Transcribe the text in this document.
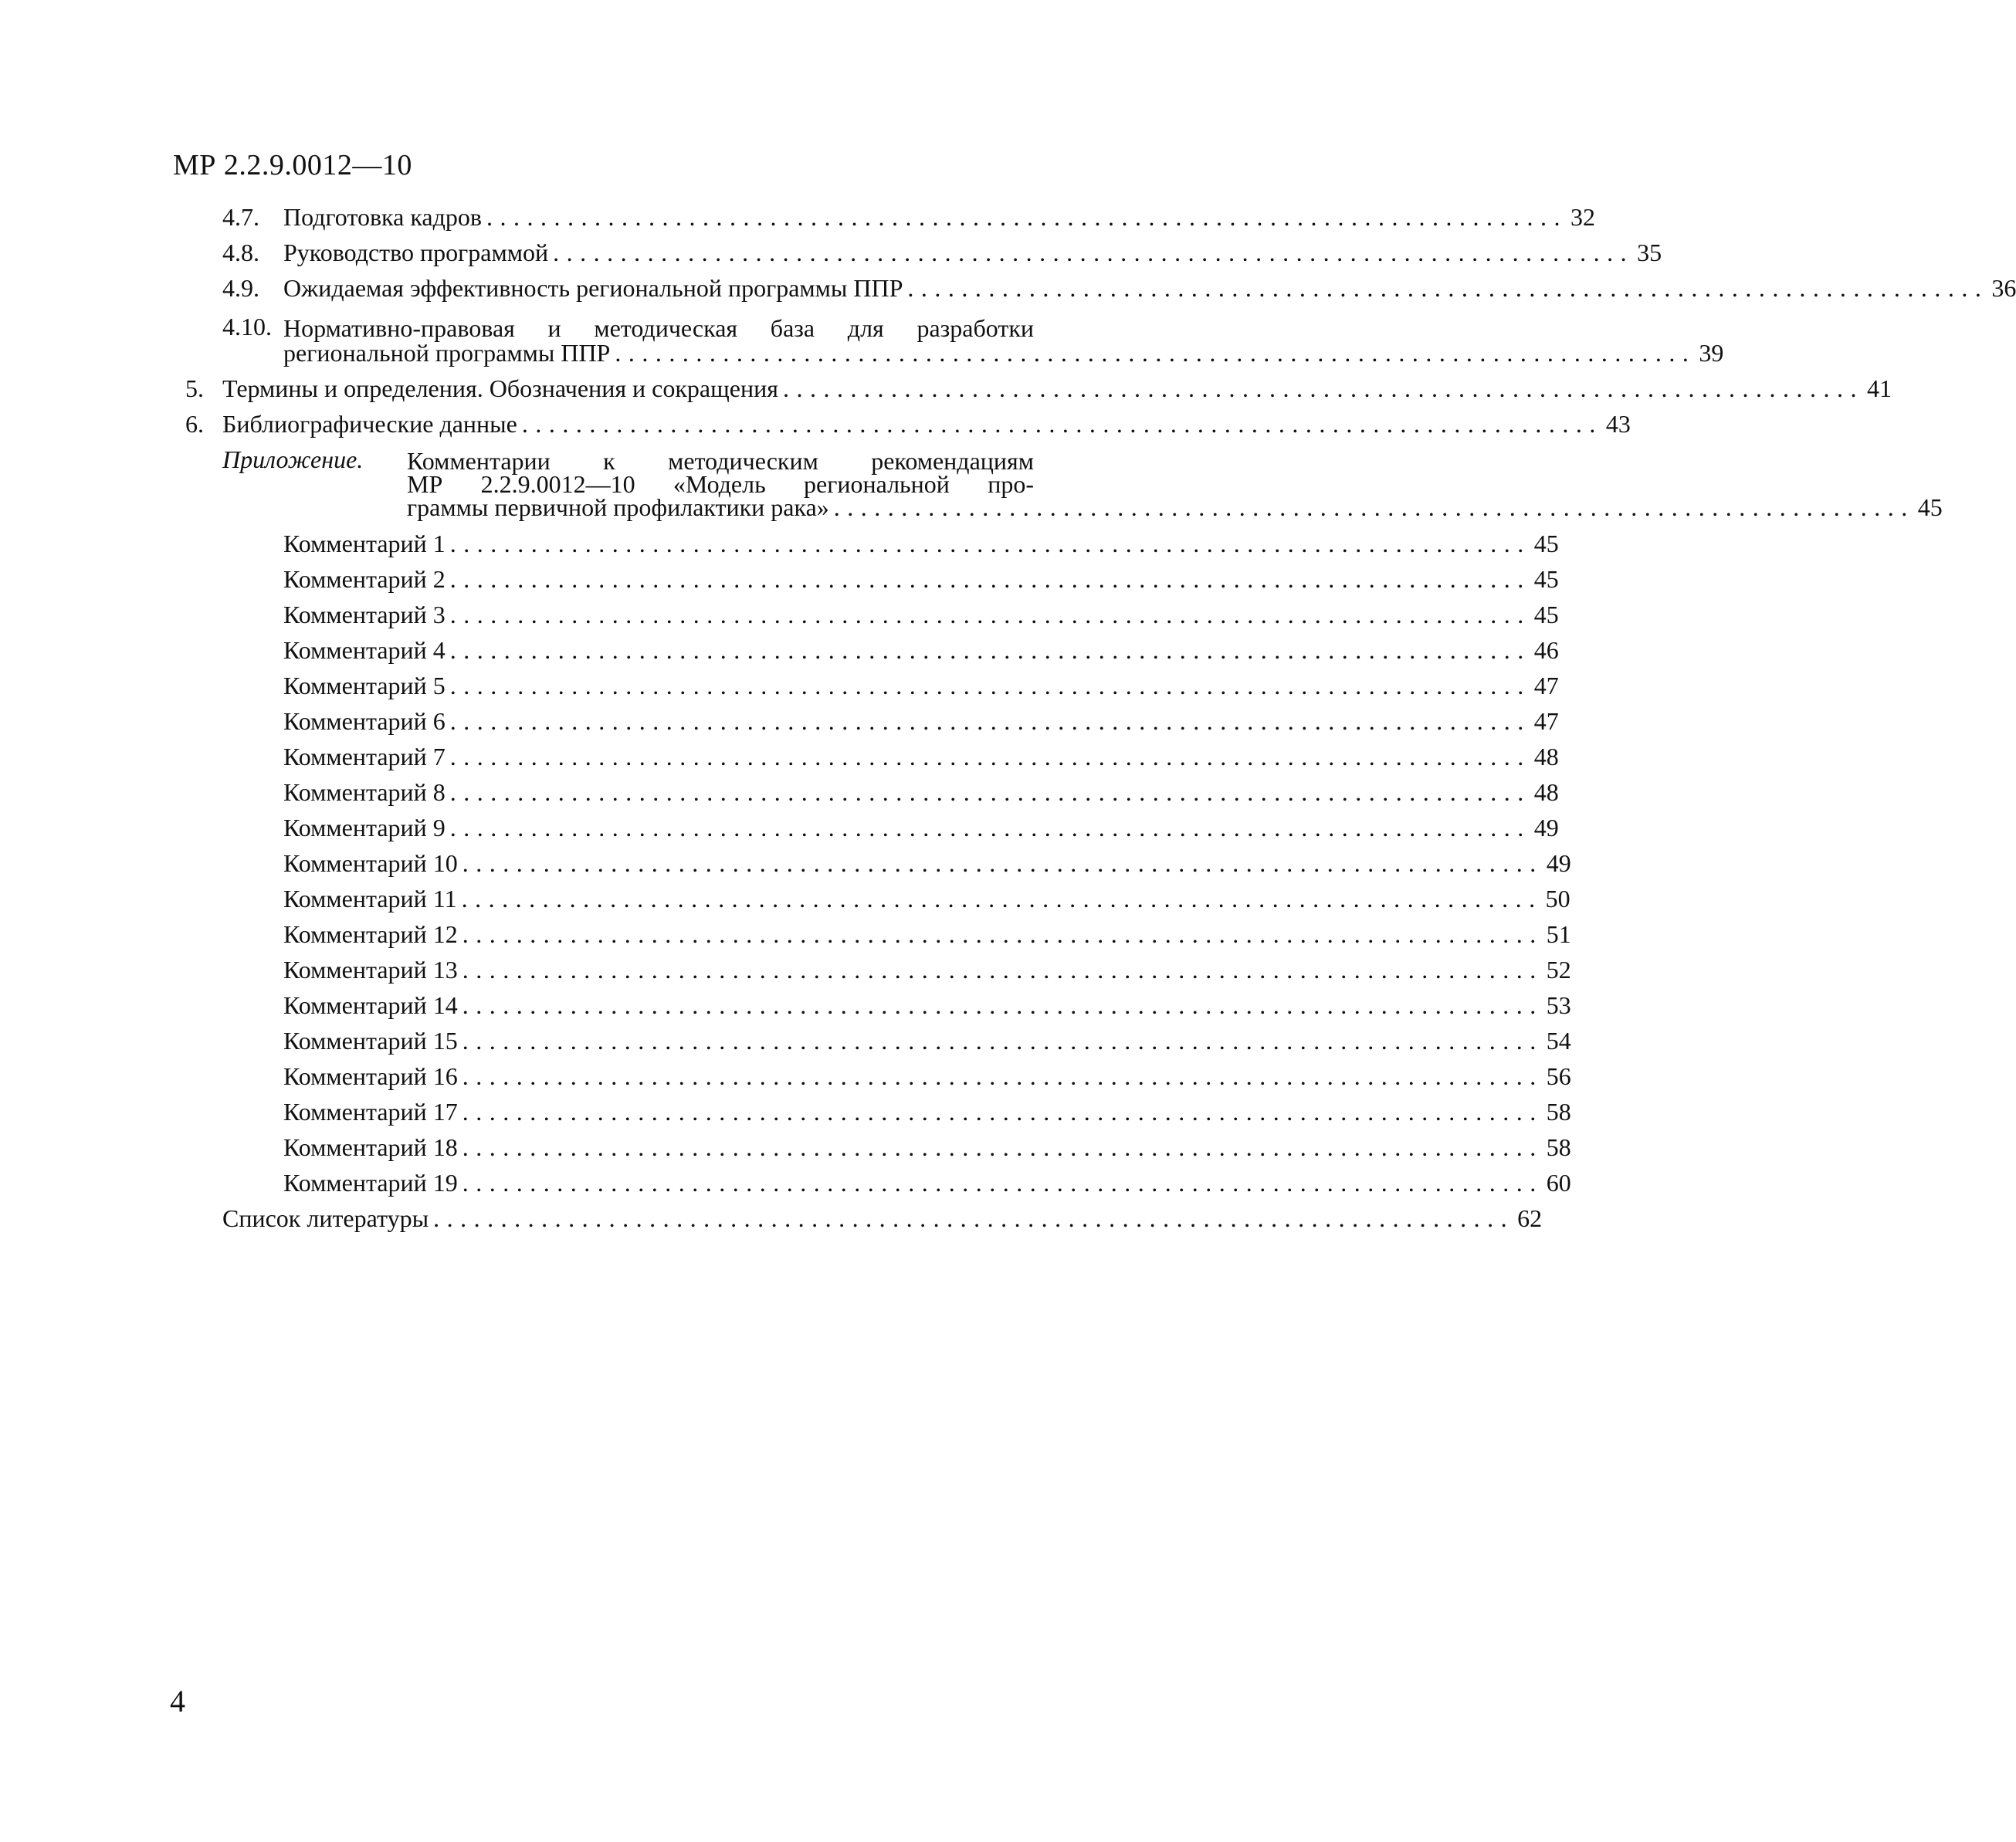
МР 2.2.9.0012—10
4.7. Подготовка кадров ................................................................................ 32
4.8. Руководство программой ................................................................................ 35
4.9. Ожидаемая эффективность региональной программы ППР ................................................................................ 36
4.10. Нормативно-правовая и методическая база для разработки
региональной программы ППР ................................................................................ 39
5. Термины и определения. Обозначения и сокращения ................................................................................ 41
6. Библиографические данные ................................................................................ 43
Приложение. Комментарии к методическим рекомендациям
МР 2.2.9.0012—10 «Модель региональной про-
граммы первичной профилактики рака» ................................................................................ 45
Комментарий 1 ................................................................................ 45
Комментарий 2 ................................................................................ 45
Комментарий 3 ................................................................................ 45
Комментарий 4 ................................................................................ 46
Комментарий 5 ................................................................................ 47
Комментарий 6 ................................................................................ 47
Комментарий 7 ................................................................................ 48
Комментарий 8 ................................................................................ 48
Комментарий 9 ................................................................................ 49
Комментарий 10 ................................................................................ 49
Комментарий 11 ................................................................................ 50
Комментарий 12 ................................................................................ 51
Комментарий 13 ................................................................................ 52
Комментарий 14 ................................................................................ 53
Комментарий 15 ................................................................................ 54
Комментарий 16 ................................................................................ 56
Комментарий 17 ................................................................................ 58
Комментарий 18 ................................................................................ 58
Комментарий 19 ................................................................................ 60
Список литературы ................................................................................ 62
4
